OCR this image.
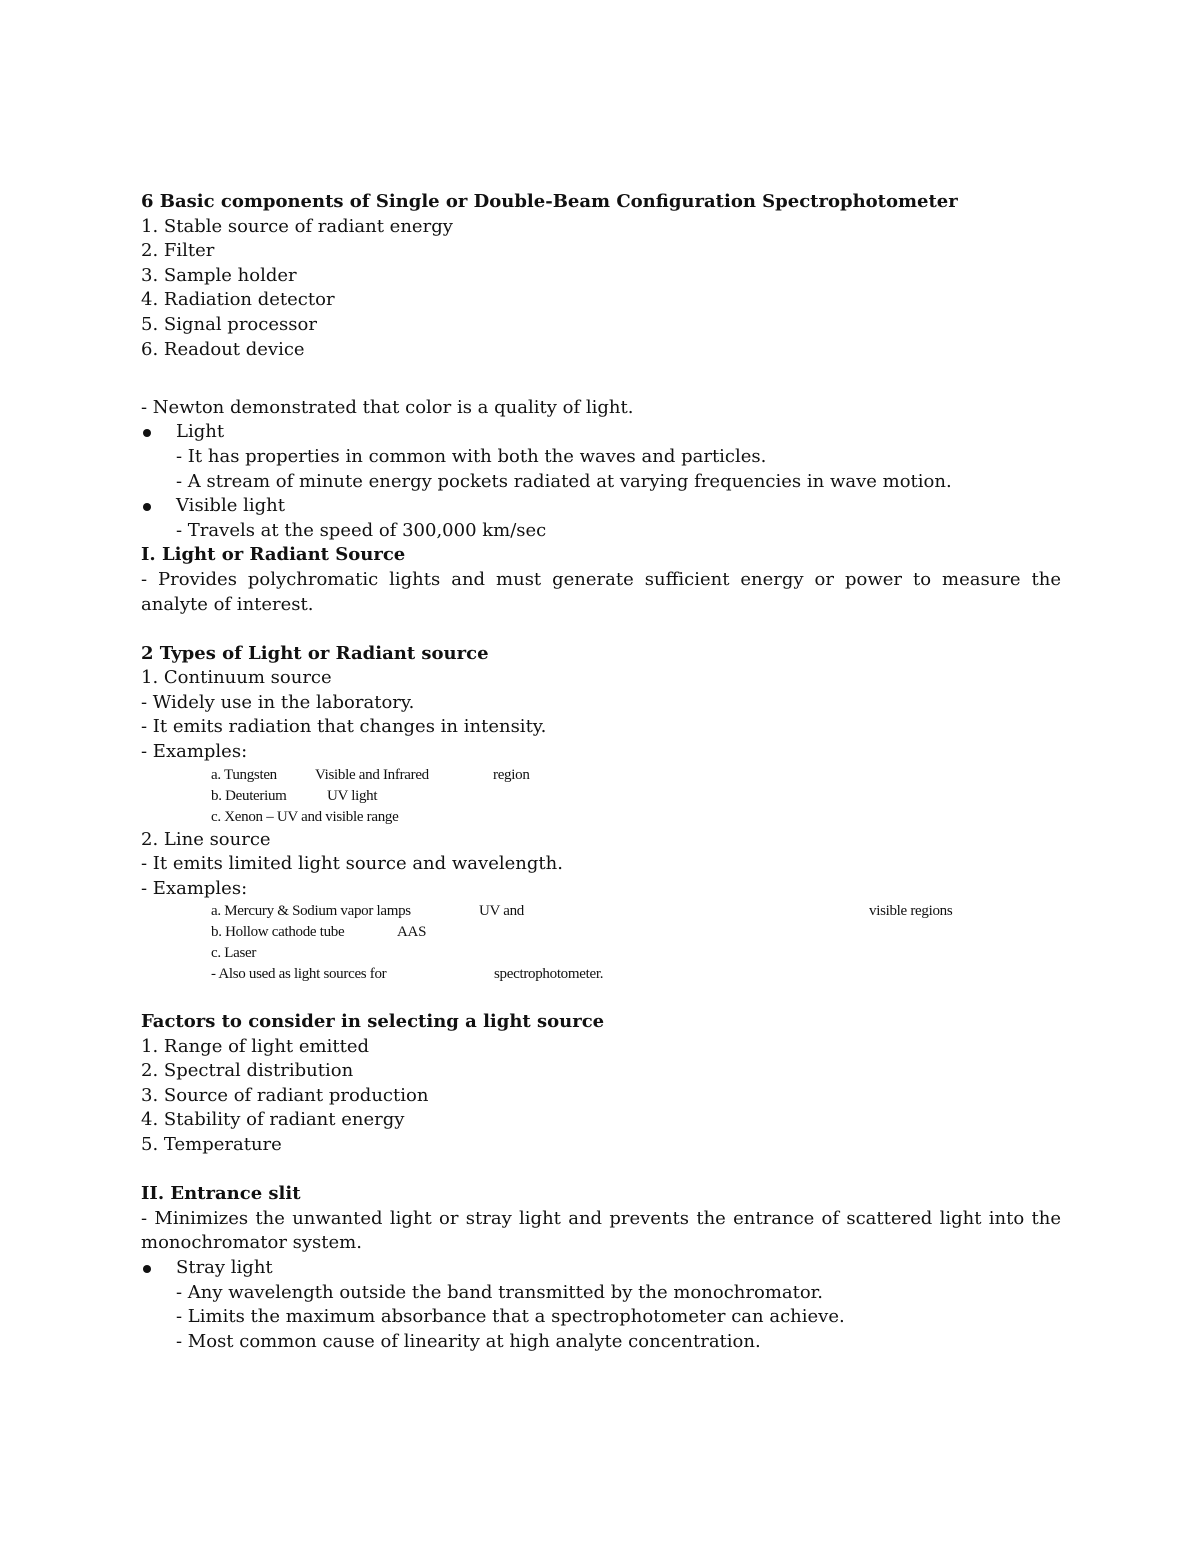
6 Basic components of Single or Double-Beam Configuration Spectrophotometer
1. Stable source of radiant energy
2. Filter
3. Sample holder
4. Radiation detector
5. Signal processor
6. Readout device
- Newton demonstrated that color is a quality of light.
Light
- It has properties in common with both the waves and particles.
- A stream of minute energy pockets radiated at varying frequencies in wave motion.
Visible light
- Travels at the speed of 300,000 km/sec
I. Light or Radiant Source
- Provides polychromatic lights and must generate sufficient energy or power to measure the analyte of interest.
2 Types of Light or Radiant source
1. Continuum source
- Widely use in the laboratory.
- It emits radiation that changes in intensity.
- Examples:
a. Tungsten	Visible and Infrared	region
b. Deuterium	UV light
c. Xenon – UV and visible range
2. Line source
- It emits limited light source and wavelength.
- Examples:
a. Mercury & Sodium vapor lamps	UV and	visible regions
b. Hollow cathode tube	AAS
c. Laser
- Also used as light sources for	spectrophotometer.
Factors to consider in selecting a light source
1. Range of light emitted
2. Spectral distribution
3. Source of radiant production
4. Stability of radiant energy
5. Temperature
II. Entrance slit
- Minimizes the unwanted light or stray light and prevents the entrance of scattered light into the monochromator system.
Stray light
- Any wavelength outside the band transmitted by the monochromator.
- Limits the maximum absorbance that a spectrophotometer can achieve.
- Most common cause of linearity at high analyte concentration.
